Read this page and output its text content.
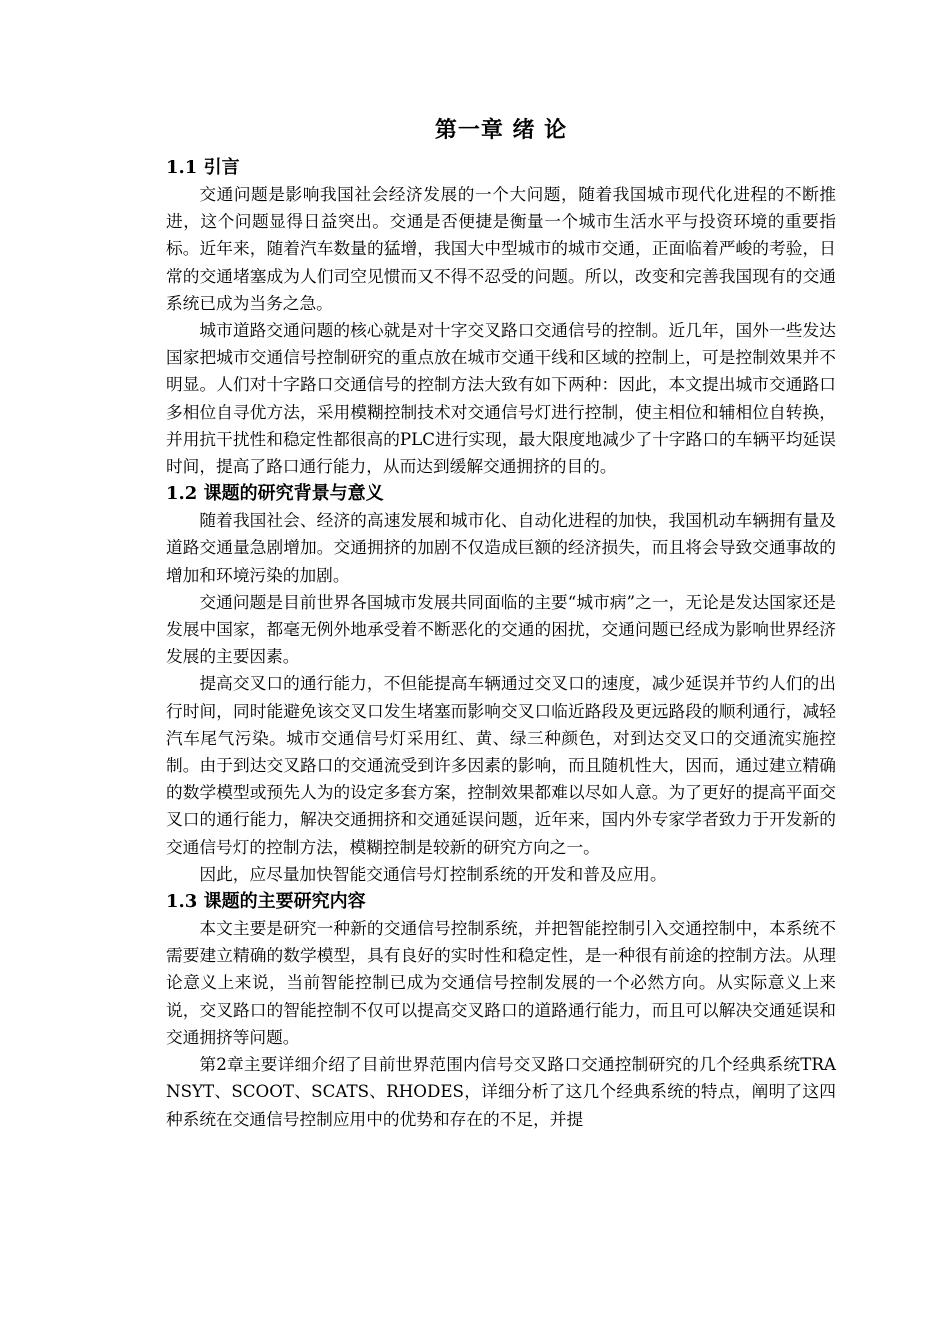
第一章 绪 论
1.1 引言

交通问题是影响我国社会经济发展的一个大问题，随着我国城市现代化进程的不断推进，这个问题显得日益突出。交通是否便捷是衡量一个城市生活水平与投资环境的重要指标。近年来，随着汽车数量的猛增，我国大中型城市的城市交通，正面临着严峻的考验，日常的交通堵塞成为人们司空见惯而又不得不忍受的问题。所以，改变和完善我国现有的交通系统已成为当务之急。

城市道路交通问题的核心就是对十字交叉路口交通信号的控制。近几年，国外一些发达国家把城市交通信号控制研究的重点放在城市交通干线和区域的控制上，可是控制效果并不明显。人们对十字路口交通信号的控制方法大致有如下两种：因此，本文提出城市交通路口多相位自寻优方法，采用模糊控制技术对交通信号灯进行控制，使主相位和辅相位自转换，并用抗干扰性和稳定性都很高的PLC进行实现，最大限度地减少了十字路口的车辆平均延误时间，提高了路口通行能力，从而达到缓解交通拥挤的目的。

1.2 课题的研究背景与意义

随着我国社会、经济的高速发展和城市化、自动化进程的加快，我国机动车辆拥有量及道路交通量急剧增加。交通拥挤的加剧不仅造成巨额的经济损失，而且将会导致交通事故的增加和环境污染的加剧。

交通问题是目前世界各国城市发展共同面临的主要“城市病”之一，无论是发达国家还是发展中国家，都毫无例外地承受着不断恶化的交通的困扰，交通问题已经成为影响世界经济发展的主要因素。

提高交叉口的通行能力，不但能提高车辆通过交叉口的速度，减少延误并节约人们的出行时间，同时能避免该交叉口发生堵塞而影响交叉口临近路段及更远路段的顺利通行，减轻汽车尾气污染。城市交通信号灯采用红、黄、绿三种颜色，对到达交叉口的交通流实施控制。由于到达交叉路口的交通流受到许多因素的影响，而且随机性大，因而，通过建立精确的数学模型或预先人为的设定多套方案，控制效果都难以尽如人意。为了更好的提高平面交叉口的通行能力，解决交通拥挤和交通延误问题，近年来，国内外专家学者致力于开发新的交通信号灯的控制方法，模糊控制是较新的研究方向之一。

因此，应尽量加快智能交通信号灯控制系统的开发和普及应用。

1.3 课题的主要研究内容

本文主要是研究一种新的交通信号控制系统，并把智能控制引入交通控制中，本系统不需要建立精确的数学模型，具有良好的实时性和稳定性，是一种很有前途的控制方法。从理论意义上来说，当前智能控制已成为交通信号控制发展的一个必然方向。从实际意义上来说，交叉路口的智能控制不仅可以提高交叉路口的道路通行能力，而且可以解决交通延误和交通拥挤等问题。

第2章主要详细介绍了目前世界范围内信号交叉路口交通控制研究的几个经典系统TRANSYT、SCOOT、SCATS、RHODES，详细分析了这几个经典系统的特点，阐明了这四种系统在交通信号控制应用中的优势和存在的不足，并提
